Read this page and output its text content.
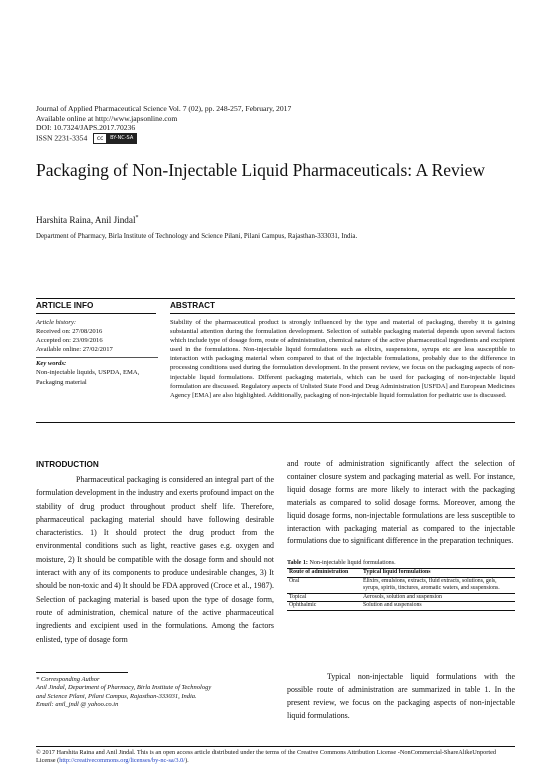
Journal of Applied Pharmaceutical Science Vol. 7 (02), pp. 248-257, February, 2017
Available online at http://www.japsonline.com
DOI: 10.7324/JAPS.2017.70236
ISSN 2231-3354	cc	BY-NC-SA
Packaging of Non-Injectable Liquid Pharmaceuticals: A Review
Harshita Raina, Anil Jindal*
Department of Pharmacy, Birla Institute of Technology and Science Pilani, Pilani Campus, Rajasthan-333031, India.
ARTICLE INFO	ABSTRACT
Article history:
Received on: 27/08/2016
Accepted on: 23/09/2016
Available online: 27/02/2017
Key words:
Non-injectable liquids, USPDA, EMA, Packaging material
Stability of the pharmaceutical product is strongly influenced by the type and material of packaging, thereby it is gaining substantial attention during the formulation development. Selection of suitable packaging material depends upon several factors which include type of dosage form, route of administration, chemical nature of the active pharmaceutical ingredients and excipient used in the formulations. Non-injectable liquid formulations such as elixirs, suspensions, syrups etc are less susceptible to interaction with packaging material when compared to that of the injectable formulations, probably due to the difference in processing conditions used during the formulation development. In the present review, we focus on the packaging aspects of non-injectable liquid formulations. Different packaging materials, which can be used for packaging of non-injectable liquid formulation are discussed. Regulatory aspects of Unlisted State Food and Drug Administration [USFDA] and European Medicines Agency [EMA] are also highlighted. Additionally, packaging of non-injectable liquid formulation for pediatric use is discussed.
INTRODUCTION

Pharmaceutical packaging is considered an integral part of the formulation development in the industry and exerts profound impact on the stability of drug product throughout product shelf life. Therefore, pharmaceutical packaging material should have following desirable characteristics. 1) It should protect the drug product from the environmental conditions such as light, reactive gases e.g. oxygen and moisture, 2) It should be compatible with the dosage form and should not interact with any of its components to produce undesirable changes, 3) It should be non-toxic and 4) It should be FDA approved (Croce et al., 1987). Selection of packaging material is based upon the type of dosage form, route of administration, chemical nature of the active pharmaceutical ingredients and excipient used in the formulations. Among the factors enlisted, type of dosage form

and route of administration significantly affect the selection of container closure system and packaging material as well. For instance, liquid dosage forms are more likely to interact with the packaging materials as compared to solid dosage forms. Moreover, among the liquid dosage forms, non-injectable formulations are less susceptible to interaction with packaging material as compared to the injectable formulations due to significant difference in the preparation techniques.

Table 1: Non-injectable liquid formulations.
Route of administration	Typical liquid formulations
Oral	Elixirs, emulsions, extracts, fluid extracts, solutions, gels, syrups, spirits, tinctures, aromatic waters, and suspensions.
Topical	Aerosols, solution and suspension
Ophthalmic	Solution and suspensions

Typical non-injectable liquid formulations with the possible route of administration are summarized in table 1. In the present review, we focus on the packaging aspects of non-injectable liquid formulations.

* Corresponding Author
Anil Jindal, Department of Pharmacy, Birla Institute of Technology
and Science Pilani, Pilani Campus, Rajasthan-333031, India.
Email: anil_jndl @ yahoo.co.in
© 2017 Harshita Raina and Anil Jindal. This is an open access article distributed under the terms of the Creative Commons Attribution License -NonCommercial-ShareAlikeUnported License (http://creativecommons.org/licenses/by-nc-sa/3.0/).
